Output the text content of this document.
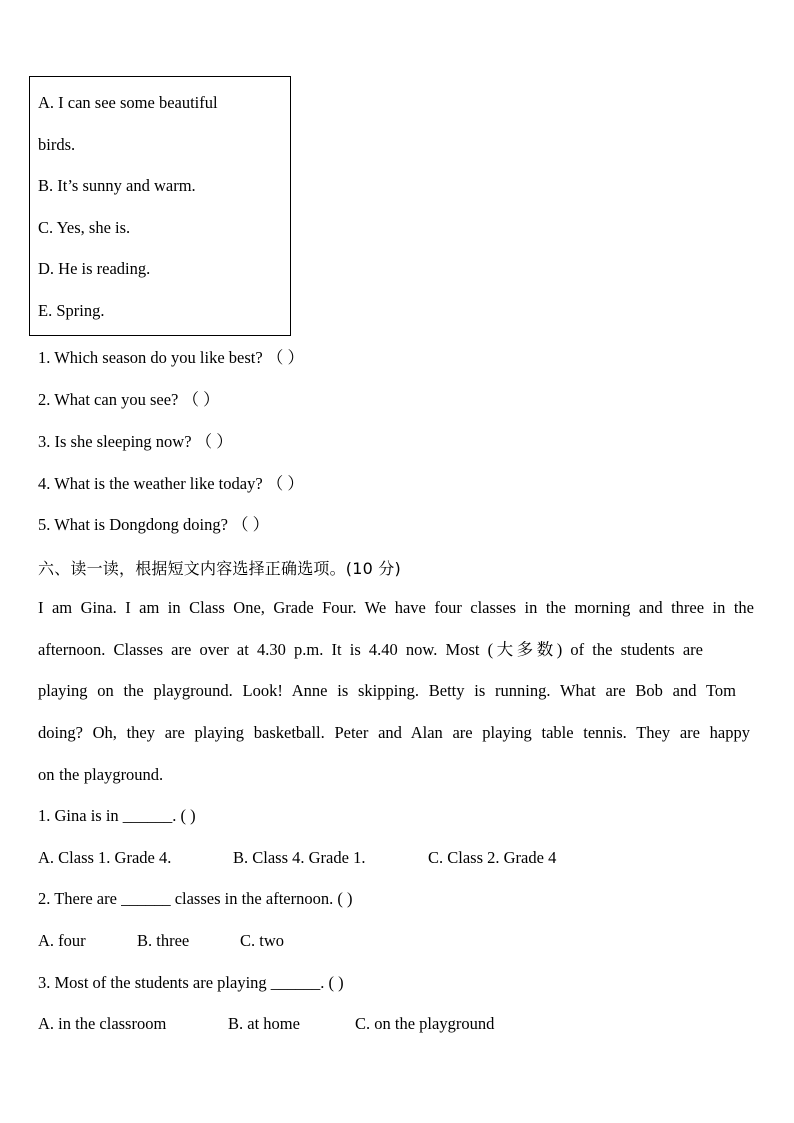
A. I can see some beautiful
birds.
B. It’s sunny and warm.
C. Yes, she is.
D. He is reading.
E. Spring.
1. Which season do you like best? （ ）
2. What can you see? （ ）
3. Is she sleeping now? （ ）
4. What is the weather like today? （ ）
5. What is Dongdong doing? （ ）
六、读一读，根据短文内容选择正确选项。(10 分)
I am Gina. I am in Class One, Grade Four. We have four classes in the morning and three in the
afternoon. Classes are over at 4.30 p.m. It is 4.40 now. Most (大多数) of the students are
playing on the playground. Look! Anne is skipping. Betty is running. What are Bob and Tom
doing? Oh, they are playing basketball. Peter and Alan are playing table tennis. They are happy
on the playground.
1. Gina is in ______. ( )
A. Class 1. Grade 4.	B. Class 4. Grade 1.	C. Class 2. Grade 4
2. There are ______ classes in the afternoon. ( )
A. four	B. three	C. two
3. Most of the students are playing ______. ( )
A. in the classroom	B. at home	C. on the playground
